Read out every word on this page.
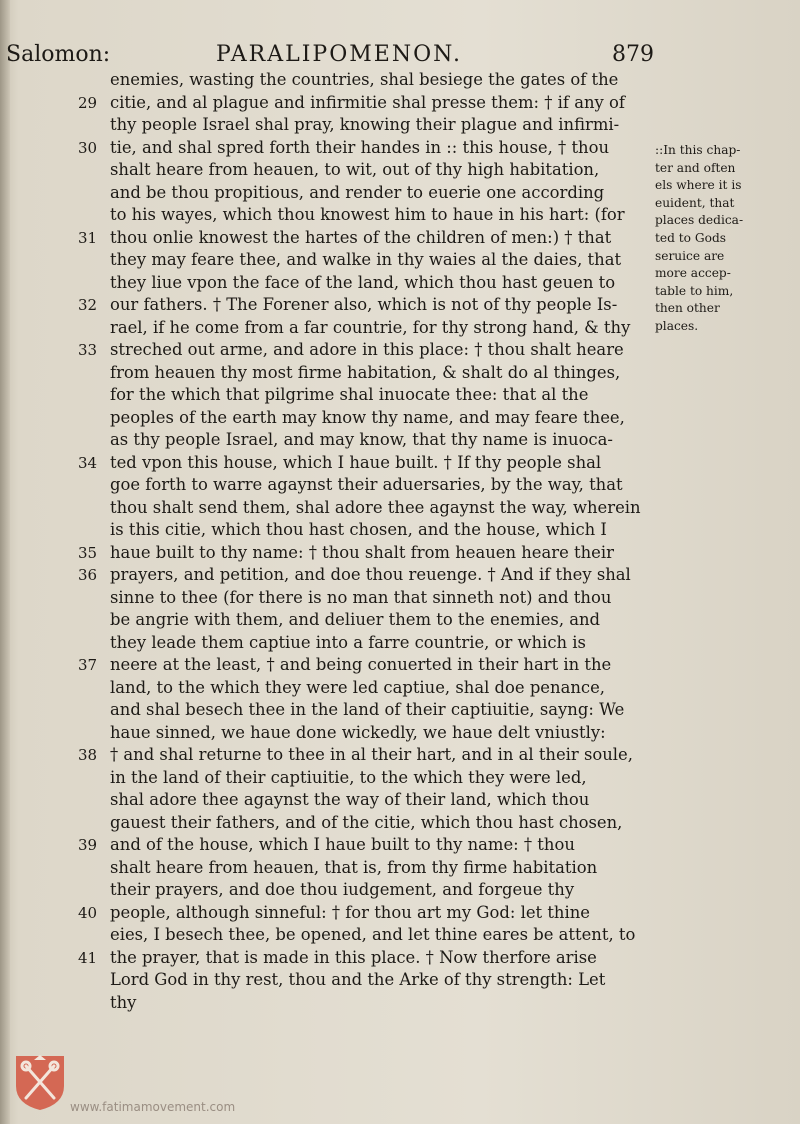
Salomon:	PARALIPOMENON.	879
enemies, wasting the countries, shal besiege the gates of the
29 citie, and al plague and infirmitie shal presse them: † if any of
thy people Israel shal pray, knowing their plague and infirmi-
30 tie, and shal spred forth their handes in :: this house, † thou
shalt heare from heauen, to wit, out of thy high habitation,
and be thou propitious, and render to euerie one according
to his wayes, which thou knowest him to haue in his hart: (for
31 thou onlie knowest the hartes of the children of men:) † that
they may feare thee, and walke in thy waies al the daies, that
they liue vpon the face of the land, which thou hast geuen to
32 our fathers. † The Forener also, which is not of thy people Is-
rael, if he come from a far countrie, for thy strong hand, & thy
33 streched out arme, and adore in this place: † thou shalt heare
from heauen thy most firme habitation, & shalt do al thinges,
for the which that pilgrime shal inuocate thee: that al the
peoples of the earth may know thy name, and may feare thee,
as thy people Israel, and may know, that thy name is inuoca-
34 ted vpon this house, which I haue built. † If thy people shal
goe forth to warre agaynst their aduersaries, by the way, that
thou shalt send them, shal adore thee agaynst the way, wherein
is this citie, which thou hast chosen, and the house, which I
35 haue built to thy name: † thou shalt from heauen heare their
36 prayers, and petition, and doe thou reuenge. † And if they shal
sinne to thee (for there is no man that sinneth not) and thou
be angrie with them, and deliuer them to the enemies, and
they leade them captiue into a farre countrie, or which is
37 neere at the least, † and being conuerted in their hart in the
land, to the which they were led captiue, shal doe penance,
and shal besech thee in the land of their captiuitie, sayng: We
haue sinned, we haue done wickedly, we haue delt vniustly:
38 † and shal returne to thee in al their hart, and in al their soule,
in the land of their captiuitie, to the which they were led,
shal adore thee agaynst the way of their land, which thou
gauest their fathers, and of the citie, which thou hast chosen,
39 and of the house, which I haue built to thy name: † thou
shalt heare from heauen, that is, from thy firme habitation
their prayers, and doe thou iudgement, and forgeue thy
40 people, although sinneful: † for thou art my God: let thine
eies, I besech thee, be opened, and let thine eares be attent, to
41 the prayer, that is made in this place. † Now therfore arise
Lord God in thy rest, thou and the Arke of thy strength: Let
thy
::In this chap-
ter and often
els where it is
euident, that
places dedica-
ted to Gods
seruice are
more accep-
table to him,
then other
places.
www.fatimamovement.com
